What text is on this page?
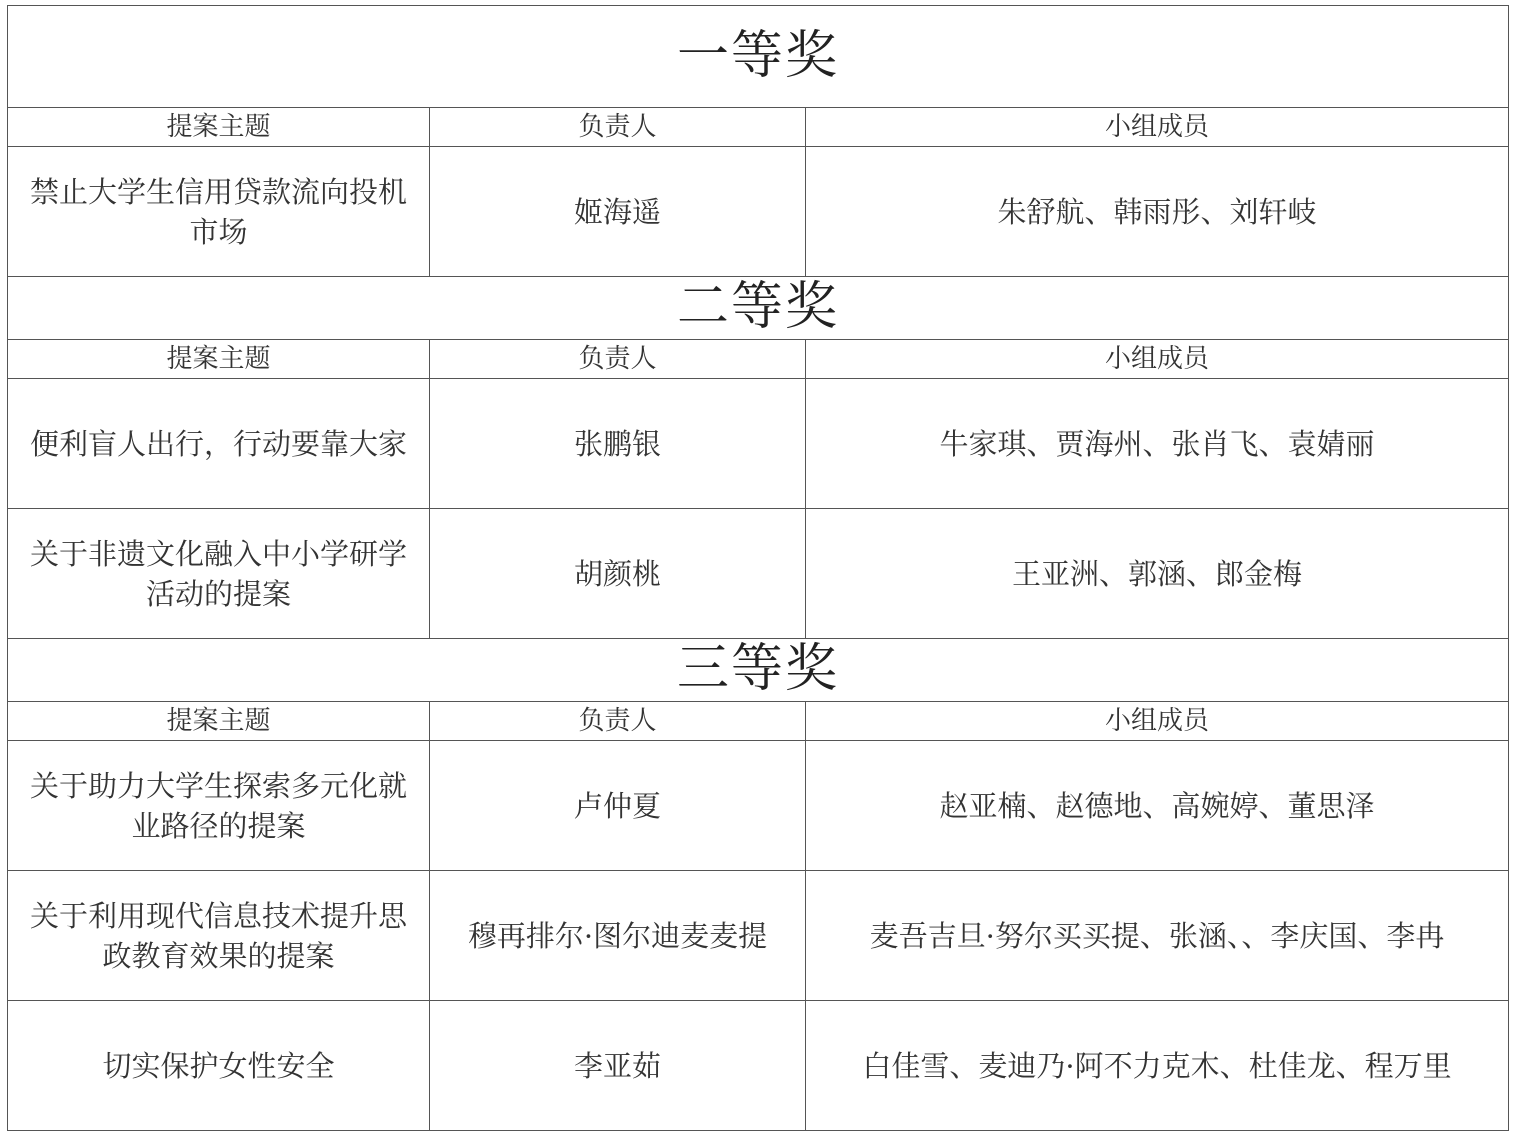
一等奖		
提案主题	负责人	小组成员
禁止大学生信用贷款流向投机市场	姬海遥	朱舒航、韩雨彤、刘轩岐
二等奖		
提案主题	负责人	小组成员
便利盲人出行，行动要靠大家	张鹏银	牛家琪、贾海州、张肖飞、袁婧丽
关于非遗文化融入中小学研学活动的提案	胡颜桃	王亚洲、郭涵、郎金梅
三等奖		
提案主题	负责人	小组成员
关于助力大学生探索多元化就业路径的提案	卢仲夏	赵亚楠、赵德地、高婉婷、董思泽
关于利用现代信息技术提升思政教育效果的提案	穆再排尔·图尔迪麦麦提	麦吾吉旦·努尔买买提、张涵、、李庆国、李冉
切实保护女性安全	李亚茹	白佳雪、麦迪乃·阿不力克木、杜佳龙、程万里
